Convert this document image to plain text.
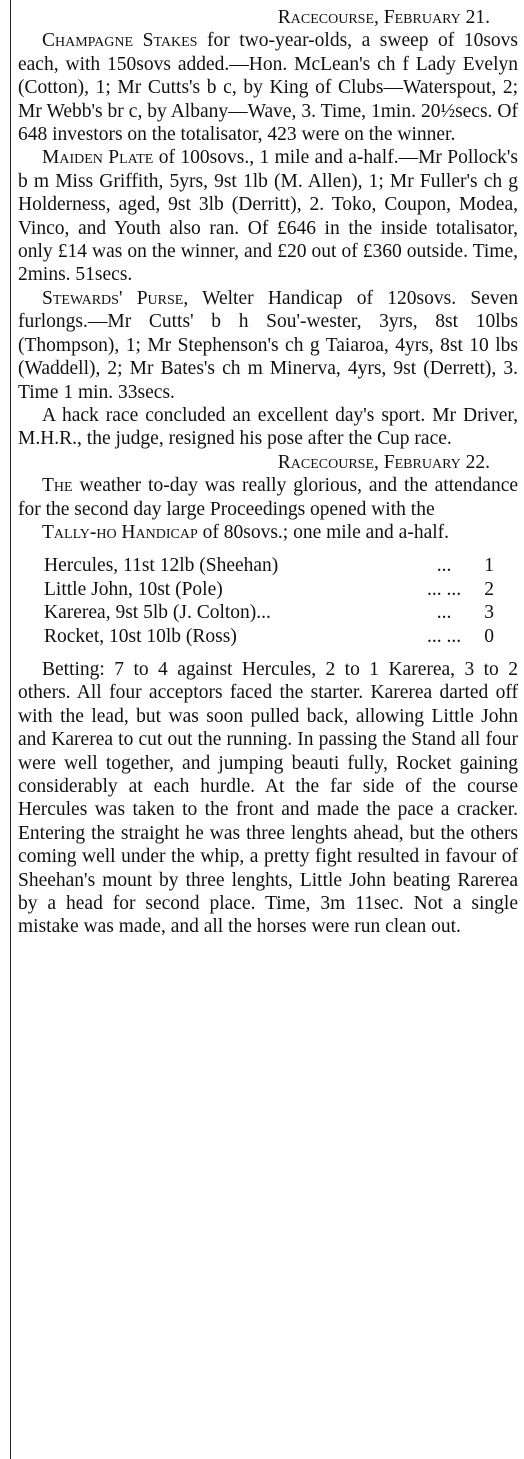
Racecourse, February 21.

Champagne Stakes for two-year-olds, a sweep of 10sovs each, with 150sovs added.—Hon. McLean's ch f Lady Evelyn (Cotton), 1; Mr Cutts's b c, by King of Clubs—Waterspout, 2; Mr Webb's br c, by Albany—Wave, 3. Time, 1min. 20½secs. Of 648 investors on the totalisator, 423 were on the winner.

Maiden Plate of 100sovs., 1 mile and a-half.—Mr Pollock's b m Miss Griffith, 5yrs, 9st 1lb (M. Allen), 1; Mr Fuller's ch g Holderness, aged, 9st 3lb (Derritt), 2. Toko, Coupon, Modea, Vinco, and Youth also ran. Of £646 in the inside totalisator, only £14 was on the winner, and £20 out of £360 outside. Time, 2mins. 51secs.

Stewards' Purse, Welter Handicap of 120sovs. Seven furlongs.—Mr Cutts' b h Sou'-wester, 3yrs, 8st 10lbs (Thompson), 1; Mr Stephenson's ch g Taiaroa, 4yrs, 8st 10 lbs (Waddell), 2; Mr Bates's ch m Minerva, 4yrs, 9st (Derrett), 3. Time 1 min. 33secs.

A hack race concluded an excellent day's sport. Mr Driver, M.H.R., the judge, resigned his pose after the Cup race.

Racecourse, February 22.

The weather to-day was really glorious, and the attendance for the second day large Proceedings opened with the

Tally-ho Handicap of 80sovs.; one mile and a-half.

Hercules, 11st 12lb (Sheehan)	...	1
Little John, 10st (Pole)	... ...	2
Karerea, 9st 5lb (J. Colton)...	...	3
Rocket, 10st 10lb (Ross)	... ...	0

Betting: 7 to 4 against Hercules, 2 to 1 Karerea, 3 to 2 others. All four acceptors faced the starter. Karerea darted off with the lead, but was soon pulled back, allowing Little John and Karerea to cut out the running. In passing the Stand all four were well together, and jumping beauti fully, Rocket gaining considerably at each hurdle. At the far side of the course Hercules was taken to the front and made the pace a cracker. Entering the straight he was three lenghts ahead, but the others coming well under the whip, a pretty fight resulted in favour of Sheehan's mount by three lenghts, Little John beating Rarerea by a head for second place. Time, 3m 11sec. Not a single mistake was made, and all the horses were run clean out.
